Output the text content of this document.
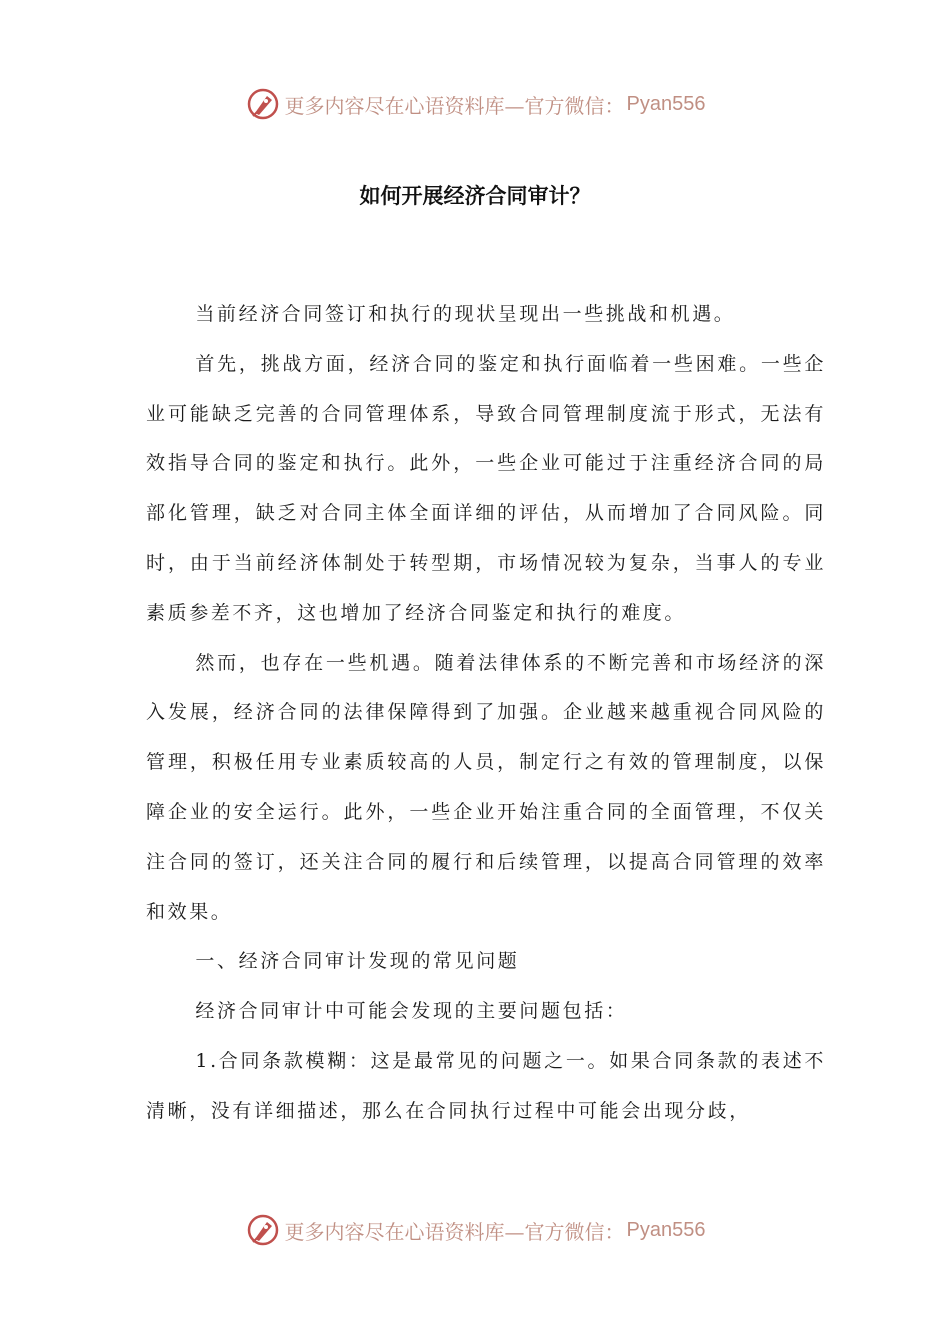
更多内容尽在心语资料库—官方微信： Pyan556
如何开展经济合同审计？

当前经济合同签订和执行的现状呈现出一些挑战和机遇。

首先，挑战方面，经济合同的鉴定和执行面临着一些困难。一些企业可能缺乏完善的合同管理体系，导致合同管理制度流于形式，无法有效指导合同的鉴定和执行。此外，一些企业可能过于注重经济合同的局部化管理，缺乏对合同主体全面详细的评估，从而增加了合同风险。同时，由于当前经济体制处于转型期，市场情况较为复杂，当事人的专业素质参差不齐，这也增加了经济合同鉴定和执行的难度。

然而，也存在一些机遇。随着法律体系的不断完善和市场经济的深入发展，经济合同的法律保障得到了加强。企业越来越重视合同风险的管理，积极任用专业素质较高的人员，制定行之有效的管理制度，以保障企业的安全运行。此外，一些企业开始注重合同的全面管理，不仅关注合同的签订，还关注合同的履行和后续管理，以提高合同管理的效率和效果。

一、经济合同审计发现的常见问题

经济合同审计中可能会发现的主要问题包括：

1.合同条款模糊：这是最常见的问题之一。如果合同条款的表述不清晰，没有详细描述，那么在合同执行过程中可能会出现分歧，

更多内容尽在心语资料库—官方微信： Pyan556
